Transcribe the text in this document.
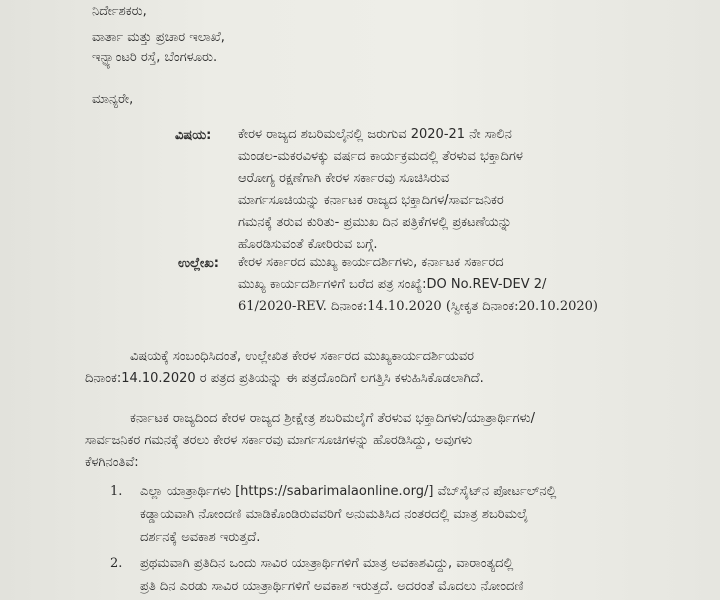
ನಿರ್ದೇಶಕರು,
ವಾರ್ತಾ ಮತ್ತು ಪ್ರಚಾರ ಇಲಾಖೆ,
ಇನ್ಫ್ಯಾಂಟರಿ ರಸ್ತೆ, ಬೆಂಗಳೂರು.
ಮಾನ್ಯರೇ,
ವಿಷಯ: ಕೇರಳ ರಾಜ್ಯದ ಶಬರಿಮಲೈನಲ್ಲಿ ಜರುಗುವ 2020-21 ನೇ ಸಾಲಿನ
ಮಂಡಲ-ಮಕರವಿಳಕ್ಕು ವರ್ಷದ ಕಾರ್ಯಕ್ರಮದಲ್ಲಿ ತೆರಳುವ ಭಕ್ತಾದಿಗಳ
ಆರೋಗ್ಯ ರಕ್ಷಣೆಗಾಗಿ ಕೇರಳ ಸರ್ಕಾರವು ಸೂಚಿಸಿರುವ
ಮಾರ್ಗಸೂಚಿಯನ್ನು ಕರ್ನಾಟಕ ರಾಜ್ಯದ ಭಕ್ತಾದಿಗಳ/ಸಾರ್ವಜನಿಕರ
ಗಮನಕ್ಕೆ ತರುವ ಕುರಿತು- ಪ್ರಮುಖ ದಿನ ಪತ್ರಿಕೆಗಳಲ್ಲಿ ಪ್ರಕಟಣೆಯನ್ನು
ಹೊರಡಿಸುವಂತೆ ಕೋರಿರುವ ಬಗ್ಗೆ.
ಉಲ್ಲೇಖ: ಕೇರಳ ಸರ್ಕಾರದ ಮುಖ್ಯ ಕಾರ್ಯದರ್ಶಿಗಳು, ಕರ್ನಾಟಕ ಸರ್ಕಾರದ
ಮುಖ್ಯ ಕಾರ್ಯದರ್ಶಿಗಳಿಗೆ ಬರೆದ ಪತ್ರ ಸಂಖ್ಯೆ:DO No.REV-DEV 2/
61/2020-REV. ದಿನಾಂಕ:14.10.2020 (ಸ್ವೀಕೃತ ದಿನಾಂಕ:20.10.2020)
ವಿಷಯಕ್ಕೆ ಸಂಬಂಧಿಸಿದಂತೆ, ಉಲ್ಲೇಖಿತ ಕೇರಳ ಸರ್ಕಾರದ ಮುಖ್ಯಕಾರ್ಯದರ್ಶಿಯವರ
ದಿನಾಂಕ:14.10.2020 ರ ಪತ್ರದ ಪ್ರತಿಯನ್ನು ಈ ಪತ್ರದೊಂದಿಗೆ ಲಗತ್ತಿಸಿ ಕಳುಹಿಸಿಕೊಡಲಾಗಿದೆ.
ಕರ್ನಾಟಕ ರಾಜ್ಯದಿಂದ ಕೇರಳ ರಾಜ್ಯದ ಶ್ರೀಕ್ಷೇತ್ರ ಶಬರಿಮಲೈಗೆ ತೆರಳುವ ಭಕ್ತಾದಿಗಳು/ಯಾತ್ರಾರ್ಥಿಗಳು/
ಸಾರ್ವಜನಿಕರ ಗಮನಕ್ಕೆ ತರಲು ಕೇರಳ ಸರ್ಕಾರವು ಮಾರ್ಗಸೂಚಿಗಳನ್ನು ಹೊರಡಿಸಿದ್ದು, ಅವುಗಳು
ಕೆಳಗಿನಂತಿವೆ:
1. ಎಲ್ಲಾ ಯಾತ್ರಾರ್ಥಿಗಳು [https://sabarimalaonline.org/] ವೆಬ್‌ಸೈಟ್‌ನ ಪೋರ್ಟಲ್‌ನಲ್ಲಿ
ಕಡ್ಡಾಯವಾಗಿ ನೋಂದಣಿ ಮಾಡಿಕೊಂಡಿರುವವರಿಗೆ ಅನುಮತಿಸಿದ ನಂತರದಲ್ಲಿ ಮಾತ್ರ ಶಬರಿಮಲೈ
ದರ್ಶನಕ್ಕೆ ಅವಕಾಶ ಇರುತ್ತದೆ.
2. ಪ್ರಥಮವಾಗಿ ಪ್ರತಿದಿನ ಒಂದು ಸಾವಿರ ಯಾತ್ರಾರ್ಥಿಗಳಿಗೆ ಮಾತ್ರ ಅವಕಾಶವಿದ್ದು, ವಾರಾಂತ್ಯದಲ್ಲಿ
ಪ್ರತಿ ದಿನ ಎರಡು ಸಾವಿರ ಯಾತ್ರಾರ್ಥಿಗಳಿಗೆ ಅವಕಾಶ ಇರುತ್ತದೆ. ಅದರಂತೆ ಮೊದಲು ನೋಂದಣಿ
